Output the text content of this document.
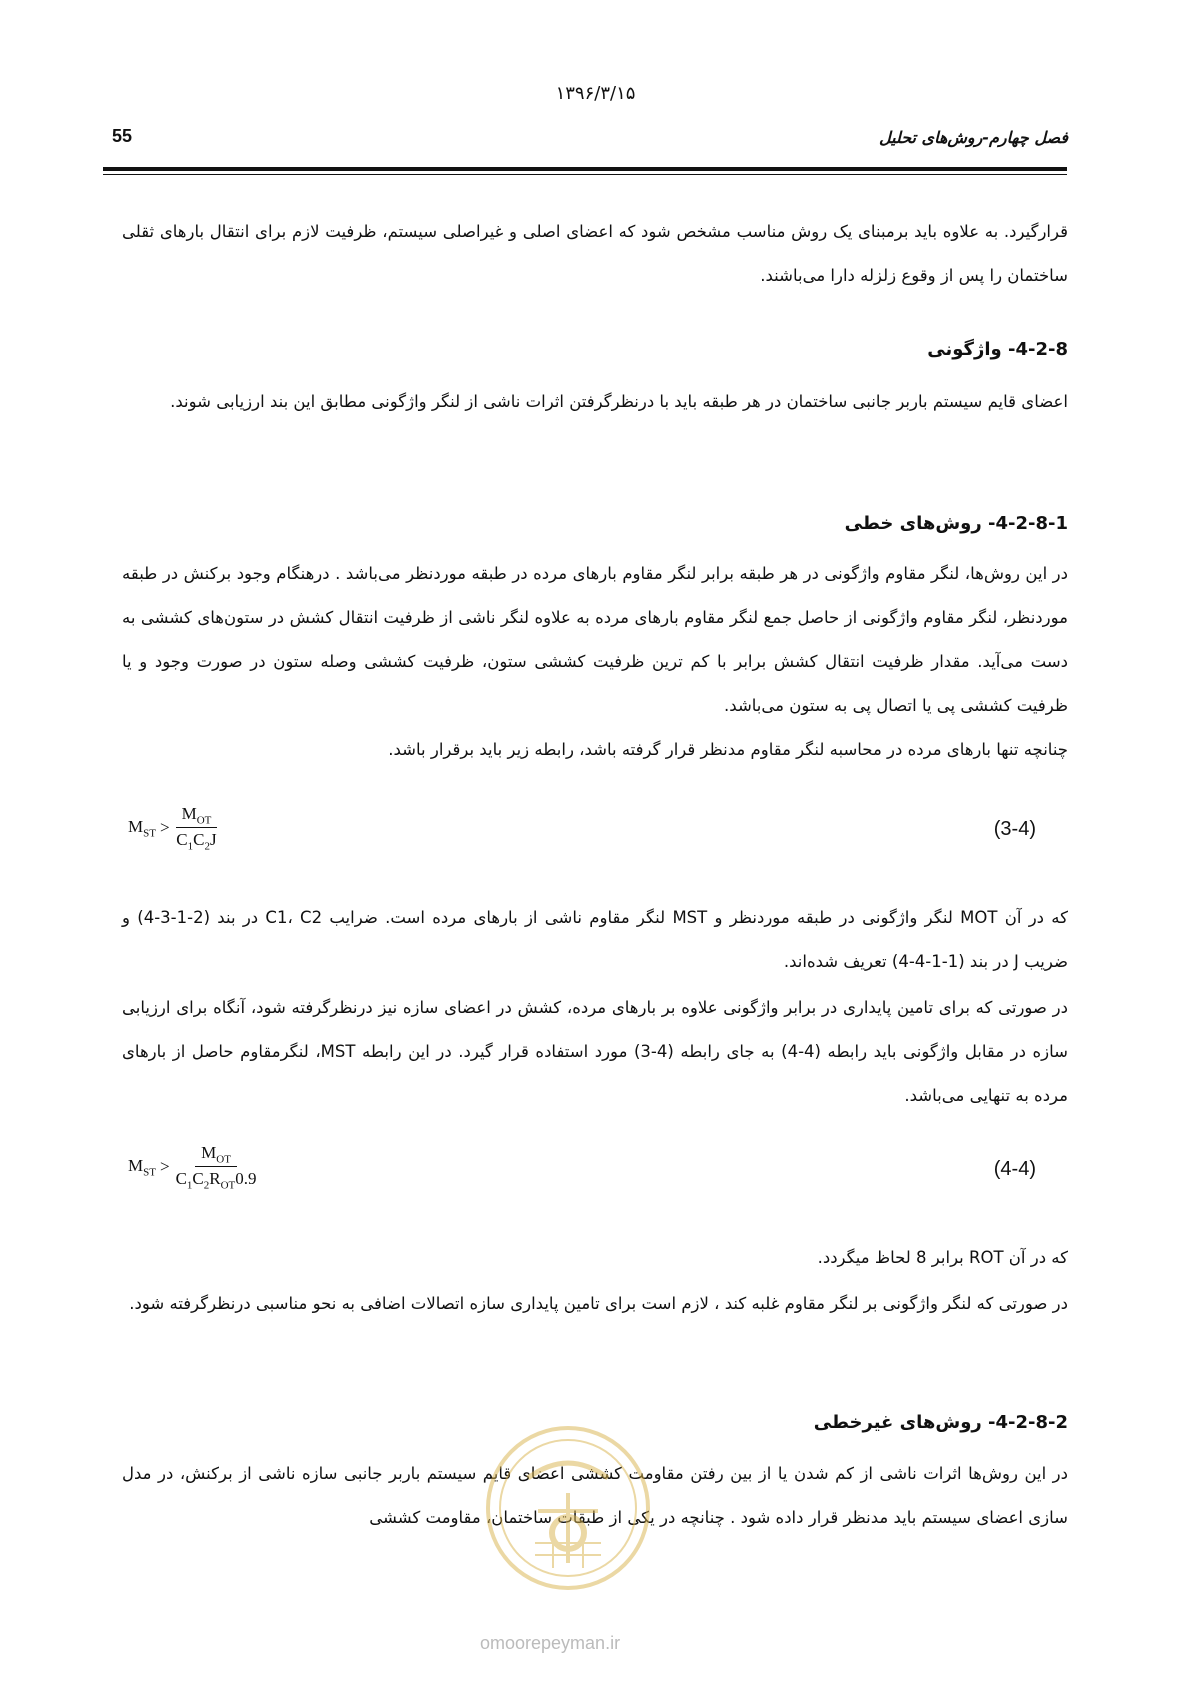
۱۳۹۶/۳/۱۵
55	فصل چهارم-روش‌های تحلیل
قرارگیرد. به علاوه باید برمبنای یک روش مناسب مشخص شود که اعضای اصلی و غیراصلی سیستم، ظرفیت لازم برای انتقال بارهای ثقلی ساختمان را پس از وقوع زلزله دارا می‌باشند.
4-2-8- واژگونی
اعضای قایم سیستم باربر جانبی ساختمان در هر طبقه باید با درنظرگرفتن اثرات ناشی از لنگر واژگونی مطابق این بند ارزیابی شوند.
4-2-8-1- روش‌های خطی
در این روش‌ها، لنگر مقاوم واژگونی در هر طبقه برابر لنگر مقاوم بارهای مرده در طبقه موردنظر می‌باشد . درهنگام وجود برکنش در طبقه موردنظر، لنگر مقاوم واژگونی از حاصل جمع لنگر مقاوم بارهای مرده به علاوه لنگر ناشی از ظرفیت انتقال کشش در ستون‌های کششی به دست می‌آید. مقدار ظرفیت انتقال کشش برابر با کم ترین ظرفیت کششی ستون، ظرفیت کششی وصله ستون در صورت وجود و یا ظرفیت کششی پی یا اتصال پی به ستون می‌باشد.
چنانچه تنها بارهای مرده در محاسبه لنگر مقاوم مدنظر قرار گرفته باشد، رابطه زیر باید برقرار باشد.
$M_{ST} > \frac{M_{OT}}{C_1C_2J}$	(3-4)
که در آن MOT لنگر واژگونی در طبقه موردنظر و MST لنگر مقاوم ناشی از بارهای مرده است. ضرایب C1، C2 در بند (2-1-3-4) و ضریب J در بند (1-1-4-4) تعریف شده‌اند.
در صورتی که برای تامین پایداری در برابر واژگونی علاوه بر بارهای مرده، کشش در اعضای سازه نیز درنظرگرفته شود، آنگاه برای ارزیابی سازه در مقابل واژگونی باید رابطه (4-4) به جای رابطه (4-3) مورد استفاده قرار گیرد. در این رابطه MST، لنگرمقاوم حاصل از بارهای مرده به تنهایی می‌باشد.
$M_{ST} > \frac{M_{OT}}{C_1C_2R_{OT}0.9}$	(4-4)
که در آن ROT برابر 8 لحاظ میگردد.
در صورتی که لنگر واژگونی بر لنگر مقاوم غلبه کند ، لازم است برای تامین پایداری سازه اتصالات اضافی به نحو مناسبی درنظرگرفته شود.
4-2-8-2- روش‌های غیرخطی
در این روش‌ها اثرات ناشی از کم شدن یا از بین رفتن مقاومت کششی اعضای قایم سیستم باربر جانبی سازه ناشی از برکنش، در مدل سازی اعضای سیستم باید مدنظر قرار داده شود . چنانچه در یکی از طبقات ساختمان، مقاومت کششی
omoorepeyman.ir
